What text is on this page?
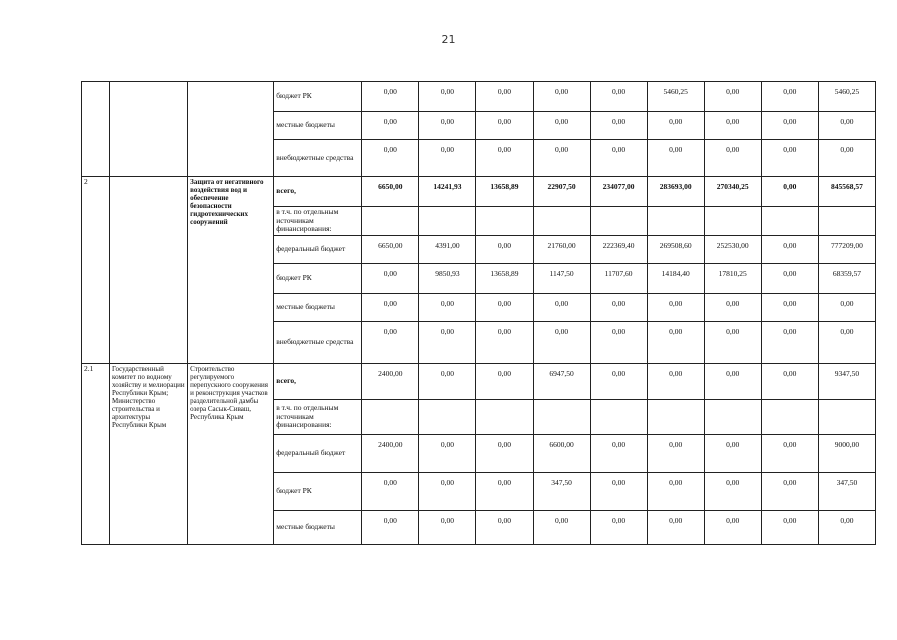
21
			бюджет РК	0,00	0,00	0,00	0,00	0,00	5460,25	0,00	0,00	5460,25
			местные бюджеты	0,00	0,00	0,00	0,00	0,00	0,00	0,00	0,00	0,00
			внебюджетные средства	0,00	0,00	0,00	0,00	0,00	0,00	0,00	0,00	0,00
2		Защита от негативного воздействия вод и обеспечение безопасности гидротехнических сооружений	всего,	6650,00	14241,93	13658,89	22907,50	234077,00	283693,00	270340,25	0,00	845568,57
			в т.ч. по отдельным источникам финансирования:									
			федеральный бюджет	6650,00	4391,00	0,00	21760,00	222369,40	269508,60	252530,00	0,00	777209,00
			бюджет РК	0,00	9850,93	13658,89	1147,50	11707,60	14184,40	17810,25	0,00	68359,57
			местные бюджеты	0,00	0,00	0,00	0,00	0,00	0,00	0,00	0,00	0,00
			внебюджетные средства	0,00	0,00	0,00	0,00	0,00	0,00	0,00	0,00	0,00
2.1	Государственный комитет по водному хозяйству и мелиорации Республики Крым; Министерство строительства и архитектуры Республики Крым	Строительство регулируемого перепускного сооружения и реконструкция участков разделительной дамбы озера Сасык-Сиваш, Республика Крым	всего,	2400,00	0,00	0,00	6947,50	0,00	0,00	0,00	0,00	9347,50
			в т.ч. по отдельным источникам финансирования:									
			федеральный бюджет	2400,00	0,00	0,00	6600,00	0,00	0,00	0,00	0,00	9000,00
			бюджет РК	0,00	0,00	0,00	347,50	0,00	0,00	0,00	0,00	347,50
			местные бюджеты	0,00	0,00	0,00	0,00	0,00	0,00	0,00	0,00	0,00
